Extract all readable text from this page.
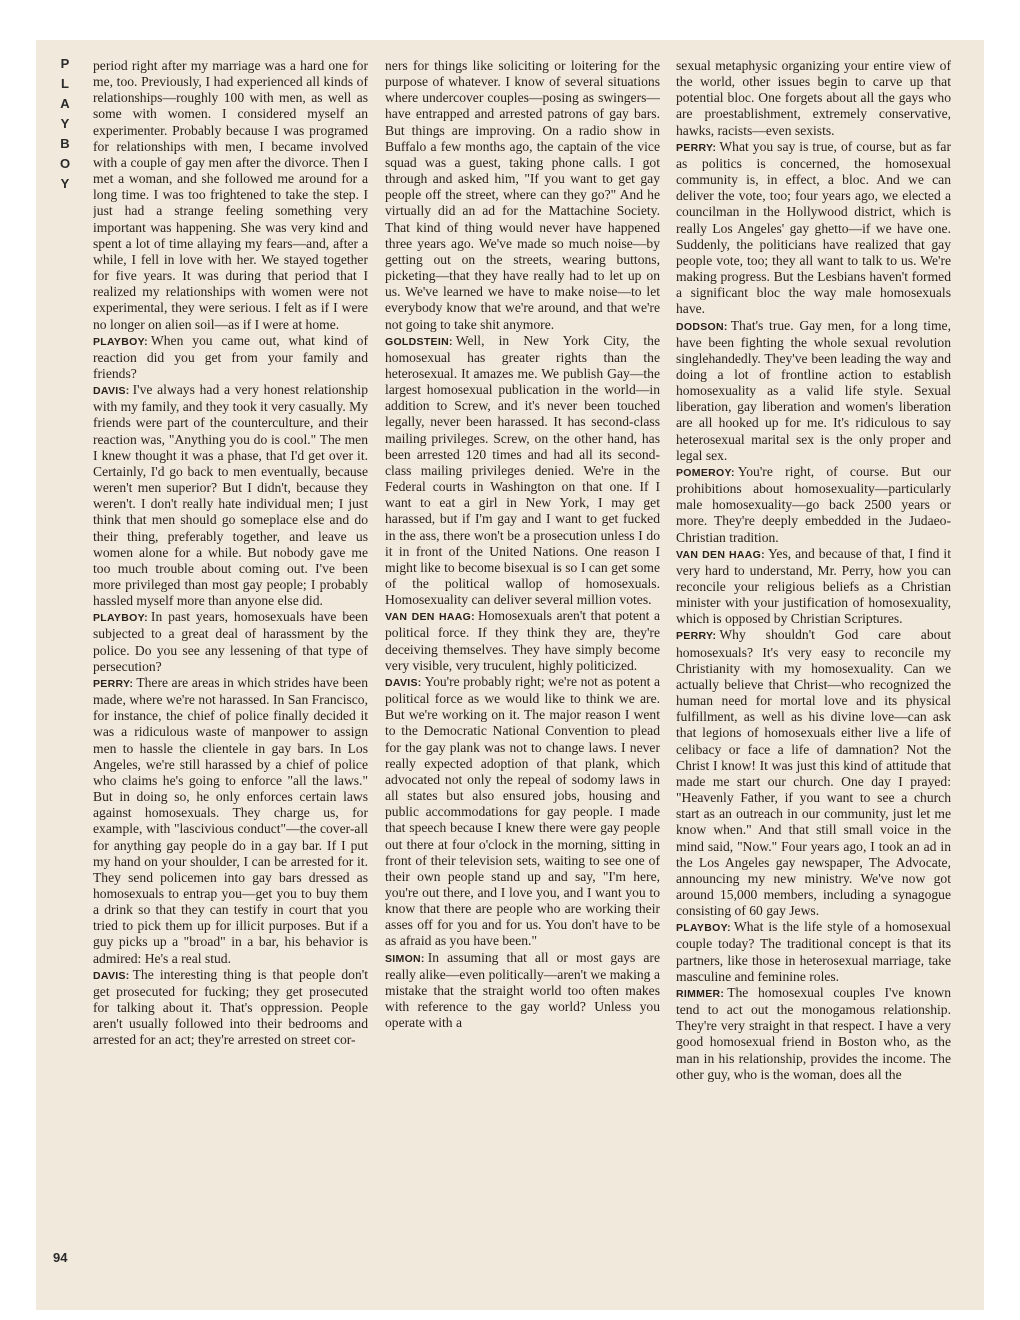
P
L
A
Y
B
O
Y

period right after my marriage was a hard one for me, too. Previously, I had experienced all kinds of relationships—roughly 100 with men, as well as some with women. I considered myself an experimenter. Probably because I was programed for relationships with men, I became involved with a couple of gay men after the divorce. Then I met a woman, and she followed me around for a long time. I was too frightened to take the step. I just had a strange feeling something very important was happening. She was very kind and spent a lot of time allaying my fears—and, after a while, I fell in love with her. We stayed together for five years. It was during that period that I realized my relationships with women were not experimental, they were serious. I felt as if I were no longer on alien soil—as if I were at home.

PLAYBOY: When you came out, what kind of reaction did you get from your family and friends?

DAVIS: I've always had a very honest relationship with my family, and they took it very casually. My friends were part of the counterculture, and their reaction was, "Anything you do is cool." The men I knew thought it was a phase, that I'd get over it. Certainly, I'd go back to men eventually, because weren't men superior? But I didn't, because they weren't. I don't really hate individual men; I just think that men should go someplace else and do their thing, preferably together, and leave us women alone for a while. But nobody gave me too much trouble about coming out. I've been more privileged than most gay people; I probably hassled myself more than anyone else did.

PLAYBOY: In past years, homosexuals have been subjected to a great deal of harassment by the police. Do you see any lessening of that type of persecution?

PERRY: There are areas in which strides have been made, where we're not harassed. In San Francisco, for instance, the chief of police finally decided it was a ridiculous waste of manpower to assign men to hassle the clientele in gay bars. In Los Angeles, we're still harassed by a chief of police who claims he's going to enforce "all the laws." But in doing so, he only enforces certain laws against homosexuals. They charge us, for example, with "lascivious conduct"—the cover-all for anything gay people do in a gay bar. If I put my hand on your shoulder, I can be arrested for it. They send policemen into gay bars dressed as homosexuals to entrap you—get you to buy them a drink so that they can testify in court that you tried to pick them up for illicit purposes. But if a guy picks up a "broad" in a bar, his behavior is admired: He's a real stud.

DAVIS: The interesting thing is that people don't get prosecuted for fucking; they get prosecuted for talking about it. That's oppression. People aren't usually followed into their bedrooms and arrested for an act; they're arrested on street cor-

ners for things like soliciting or loitering for the purpose of whatever. I know of several situations where undercover couples—posing as swingers—have entrapped and arrested patrons of gay bars. But things are improving. On a radio show in Buffalo a few months ago, the captain of the vice squad was a guest, taking phone calls. I got through and asked him, "If you want to get gay people off the street, where can they go?" And he virtually did an ad for the Mattachine Society. That kind of thing would never have happened three years ago. We've made so much noise—by getting out on the streets, wearing buttons, picketing—that they have really had to let up on us. We've learned we have to make noise—to let everybody know that we're around, and that we're not going to take shit anymore.

GOLDSTEIN: Well, in New York City, the homosexual has greater rights than the heterosexual. It amazes me. We publish Gay—the largest homosexual publication in the world—in addition to Screw, and it's never been touched legally, never been harassed. It has second-class mailing privileges. Screw, on the other hand, has been arrested 120 times and had all its second-class mailing privileges denied. We're in the Federal courts in Washington on that one. If I want to eat a girl in New York, I may get harassed, but if I'm gay and I want to get fucked in the ass, there won't be a prosecution unless I do it in front of the United Nations. One reason I might like to become bisexual is so I can get some of the political wallop of homosexuals. Homosexuality can deliver several million votes.

VAN DEN HAAG: Homosexuals aren't that potent a political force. If they think they are, they're deceiving themselves. They have simply become very visible, very truculent, highly politicized.

DAVIS: You're probably right; we're not as potent a political force as we would like to think we are. But we're working on it. The major reason I went to the Democratic National Convention to plead for the gay plank was not to change laws. I never really expected adoption of that plank, which advocated not only the repeal of sodomy laws in all states but also ensured jobs, housing and public accommodations for gay people. I made that speech because I knew there were gay people out there at four o'clock in the morning, sitting in front of their television sets, waiting to see one of their own people stand up and say, "I'm here, you're out there, and I love you, and I want you to know that there are people who are working their asses off for you and for us. You don't have to be as afraid as you have been."

SIMON: In assuming that all or most gays are really alike—even politically—aren't we making a mistake that the straight world too often makes with reference to the gay world? Unless you operate with a

sexual metaphysic organizing your entire view of the world, other issues begin to carve up that potential bloc. One forgets about all the gays who are proestablishment, extremely conservative, hawks, racists—even sexists.

PERRY: What you say is true, of course, but as far as politics is concerned, the homosexual community is, in effect, a bloc. And we can deliver the vote, too; four years ago, we elected a councilman in the Hollywood district, which is really Los Angeles' gay ghetto—if we have one. Suddenly, the politicians have realized that gay people vote, too; they all want to talk to us. We're making progress. But the Lesbians haven't formed a significant bloc the way male homosexuals have.

DODSON: That's true. Gay men, for a long time, have been fighting the whole sexual revolution singlehandedly. They've been leading the way and doing a lot of frontline action to establish homosexuality as a valid life style. Sexual liberation, gay liberation and women's liberation are all hooked up for me. It's ridiculous to say heterosexual marital sex is the only proper and legal sex.

POMEROY: You're right, of course. But our prohibitions about homosexuality—particularly male homosexuality—go back 2500 years or more. They're deeply embedded in the Judaeo-Christian tradition.

VAN DEN HAAG: Yes, and because of that, I find it very hard to understand, Mr. Perry, how you can reconcile your religious beliefs as a Christian minister with your justification of homosexuality, which is opposed by Christian Scriptures.

PERRY: Why shouldn't God care about homosexuals? It's very easy to reconcile my Christianity with my homosexuality. Can we actually believe that Christ—who recognized the human need for mortal love and its physical fulfillment, as well as his divine love—can ask that legions of homosexuals either live a life of celibacy or face a life of damnation? Not the Christ I know! It was just this kind of attitude that made me start our church. One day I prayed: "Heavenly Father, if you want to see a church start as an outreach in our community, just let me know when." And that still small voice in the mind said, "Now." Four years ago, I took an ad in the Los Angeles gay newspaper, The Advocate, announcing my new ministry. We've now got around 15,000 members, including a synagogue consisting of 60 gay Jews.

PLAYBOY: What is the life style of a homosexual couple today? The traditional concept is that its partners, like those in heterosexual marriage, take masculine and feminine roles.

RIMMER: The homosexual couples I've known tend to act out the monogamous relationship. They're very straight in that respect. I have a very good homosexual friend in Boston who, as the man in his relationship, provides the income. The other guy, who is the woman, does all the

94
